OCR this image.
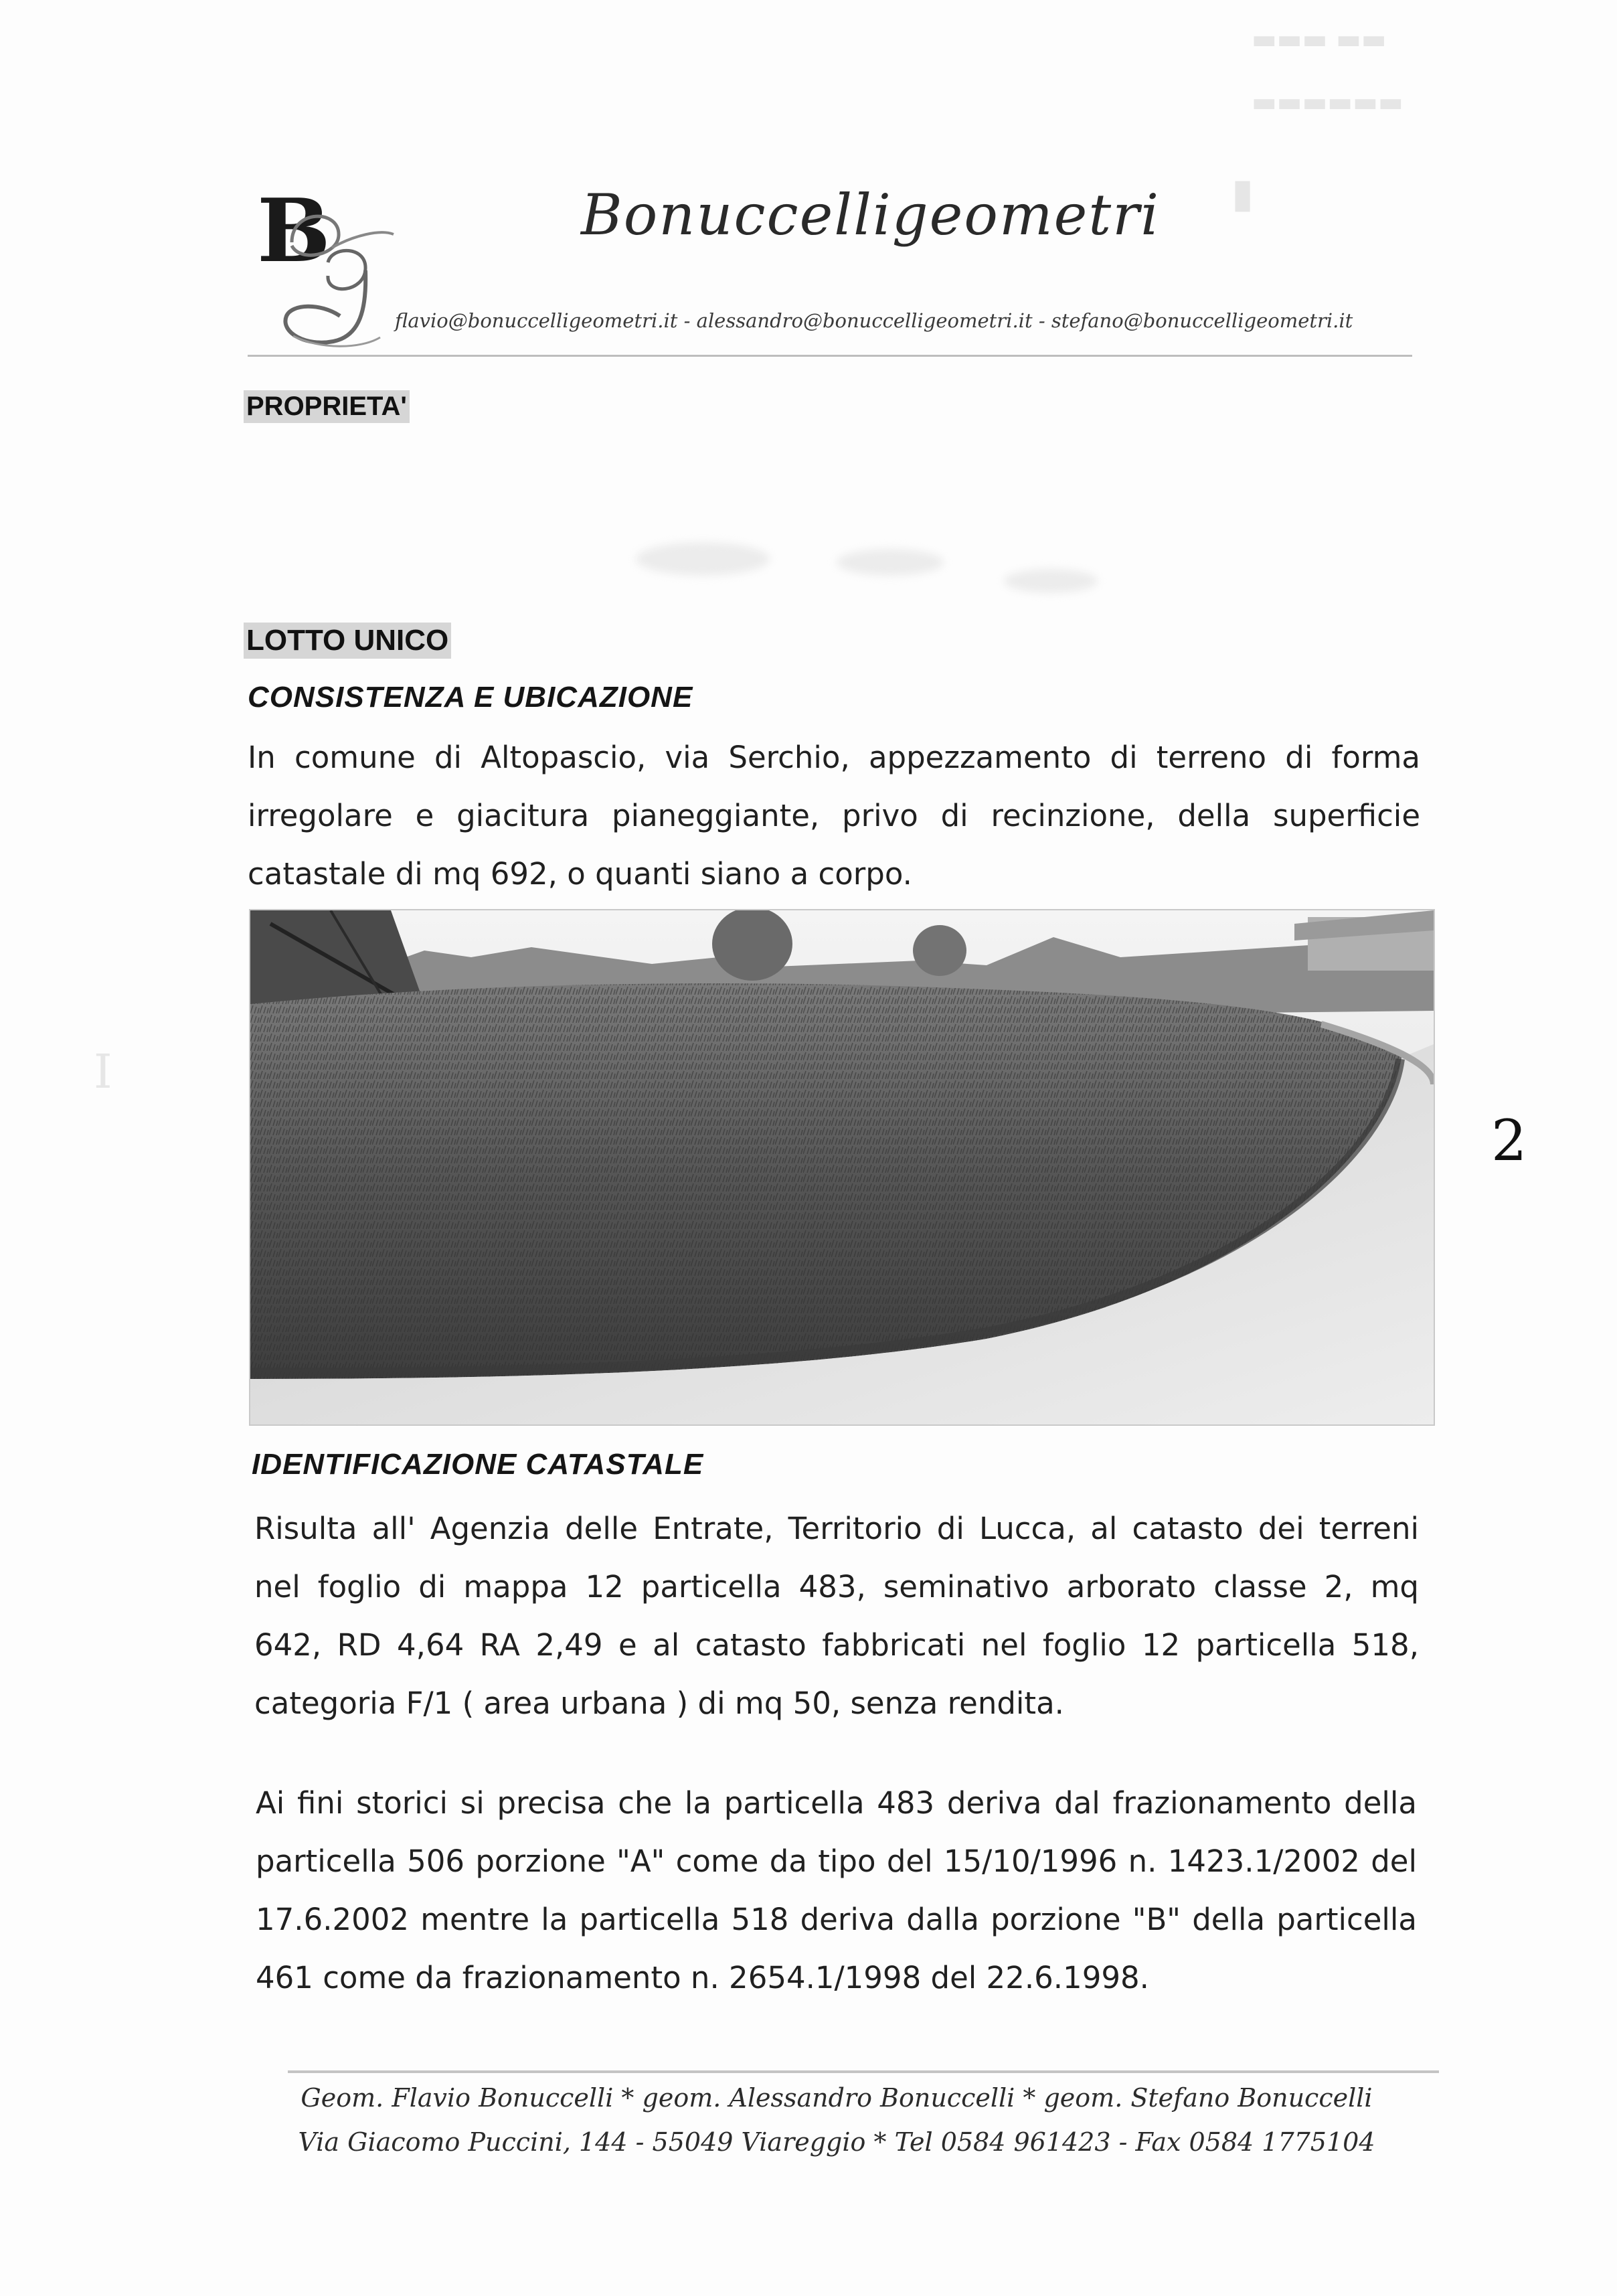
▬▬▬ ▬▬
▬▬▬▬▬▬
▮
I
B	Bonuccelligeometri
flavio@bonuccelligeometri.it - alessandro@bonuccelligeometri.it - stefano@bonuccelligeometri.it
PROPRIETA'
LOTTO UNICO
CONSISTENZA E UBICAZIONE
In comune di Altopascio, via Serchio, appezzamento di terreno di forma
irregolare e giacitura pianeggiante, privo di recinzione, della superficie
catastale di mq 692, o quanti siano a corpo.
2
IDENTIFICAZIONE CATASTALE
Risulta all' Agenzia delle Entrate, Territorio di Lucca, al catasto dei terreni
nel foglio di mappa 12 particella 483, seminativo arborato classe 2, mq
642, RD 4,64 RA 2,49 e al catasto fabbricati nel foglio 12 particella 518,
categoria F/1 ( area urbana ) di mq 50, senza rendita.
Ai fini storici si precisa che la particella 483 deriva dal frazionamento della
particella 506 porzione "A" come da tipo del 15/10/1996 n. 1423.1/2002 del
17.6.2002 mentre la particella 518 deriva dalla porzione "B" della particella
461 come da frazionamento n. 2654.1/1998 del 22.6.1998.
Geom. Flavio Bonuccelli * geom. Alessandro Bonuccelli * geom. Stefano Bonuccelli
Via Giacomo Puccini, 144 - 55049 Viareggio * Tel 0584 961423 - Fax 0584 1775104
